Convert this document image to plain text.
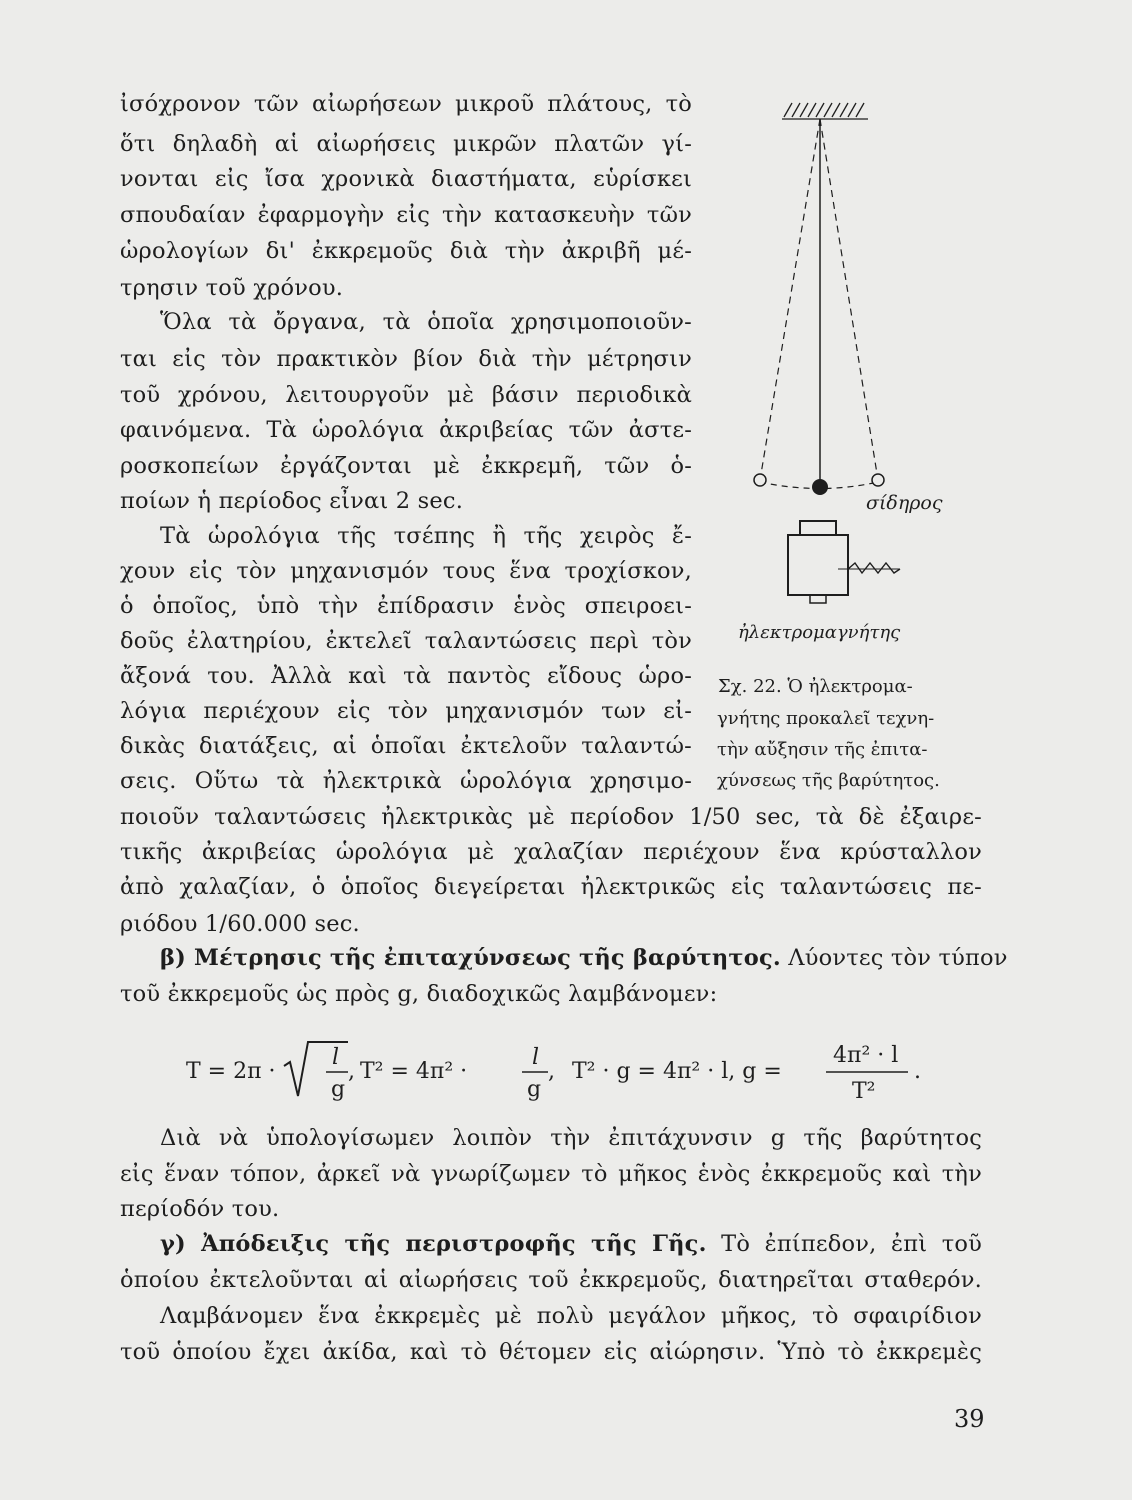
ἰσόχρονον τῶν αἰωρήσεων μικροῦ πλάτους, τὸ
ὅτι δηλαδὴ αἱ αἰωρήσεις μικρῶν πλατῶν γί-
νονται εἰς ἴσα χρονικὰ διαστήματα, εὑρίσκει
σπουδαίαν ἐφαρμογὴν εἰς τὴν κατασκευὴν τῶν
ὡρολογίων δι' ἐκκρεμοῦς διὰ τὴν ἀκριβῆ μέ-
τρησιν τοῦ χρόνου.
Ὅλα τὰ ὄργανα, τὰ ὁποῖα χρησιμοποιοῦν-
ται εἰς τὸν πρακτικὸν βίον διὰ τὴν μέτρησιν
τοῦ χρόνου, λειτουργοῦν μὲ βάσιν περιοδικὰ
φαινόμενα. Τὰ ὡρολόγια ἀκριβείας τῶν ἀστε-
ροσκοπείων ἐργάζονται μὲ ἐκκρεμῆ, τῶν ὁ-
ποίων ἡ περίοδος εἶναι 2 sec.
Τὰ ὡρολόγια τῆς τσέπης ἢ τῆς χειρὸς ἔ-
χουν εἰς τὸν μηχανισμόν τους ἕνα τροχίσκον,
ὁ ὁποῖος, ὑπὸ τὴν ἐπίδρασιν ἑνὸς σπειροει-
δοῦς ἐλατηρίου, ἐκτελεῖ ταλαντώσεις περὶ τὸν
ἄξονά του. Ἀλλὰ καὶ τὰ παντὸς εἴδους ὡρο-
λόγια περιέχουν εἰς τὸν μηχανισμόν των εἰ-
δικὰς διατάξεις, αἱ ὁποῖαι ἐκτελοῦν ταλαντώ-
σεις. Οὕτω τὰ ἠλεκτρικὰ ὡρολόγια χρησιμο-
ποιοῦν ταλαντώσεις ἠλεκτρικὰς μὲ περίοδον 1/50 sec, τὰ δὲ ἐξαιρε-
τικῆς ἀκριβείας ὡρολόγια μὲ χαλαζίαν περιέχουν ἕνα κρύσταλλον
ἀπὸ χαλαζίαν, ὁ ὁποῖος διεγείρεται ἠλεκτρικῶς εἰς ταλαντώσεις πε-
ριόδου 1/60.000 sec.
β) Μέτρησις τῆς ἐπιταχύνσεως τῆς βαρύτητος. Λύοντες τὸν τύπον
τοῦ ἐκκρεμοῦς ὡς πρὸς g, διαδοχικῶς λαμβάνομεν:
T = 2π ·
l
g
, T² = 4π² ·
l
g
, T² · g = 4π² · l, g =
4π² · l
T²
.
Διὰ νὰ ὑπολογίσωμεν λοιπὸν τὴν ἐπιτάχυνσιν g τῆς βαρύτητος
εἰς ἕναν τόπον, ἀρκεῖ νὰ γνωρίζωμεν τὸ μῆκος ἑνὸς ἐκκρεμοῦς καὶ τὴν
περίοδόν του.
γ) Ἀπόδειξις τῆς περιστροφῆς τῆς Γῆς. Τὸ ἐπίπεδον, ἐπὶ τοῦ
ὁποίου ἐκτελοῦνται αἱ αἰωρήσεις τοῦ ἐκκρεμοῦς, διατηρεῖται σταθερόν.
Λαμβάνομεν ἕνα ἐκκρεμὲς μὲ πολὺ μεγάλον μῆκος, τὸ σφαιρίδιον
τοῦ ὁποίου ἔχει ἀκίδα, καὶ τὸ θέτομεν εἰς αἰώρησιν. Ὑπὸ τὸ ἐκκρεμὲς
σίδηρος
ἠλεκτρομαγνήτης
Σχ. 22. Ὁ ἠλεκτρομα-
γνήτης προκαλεῖ τεχνη-
τὴν αὔξησιν τῆς ἐπιτα-
χύνσεως τῆς βαρύτητος.
39
